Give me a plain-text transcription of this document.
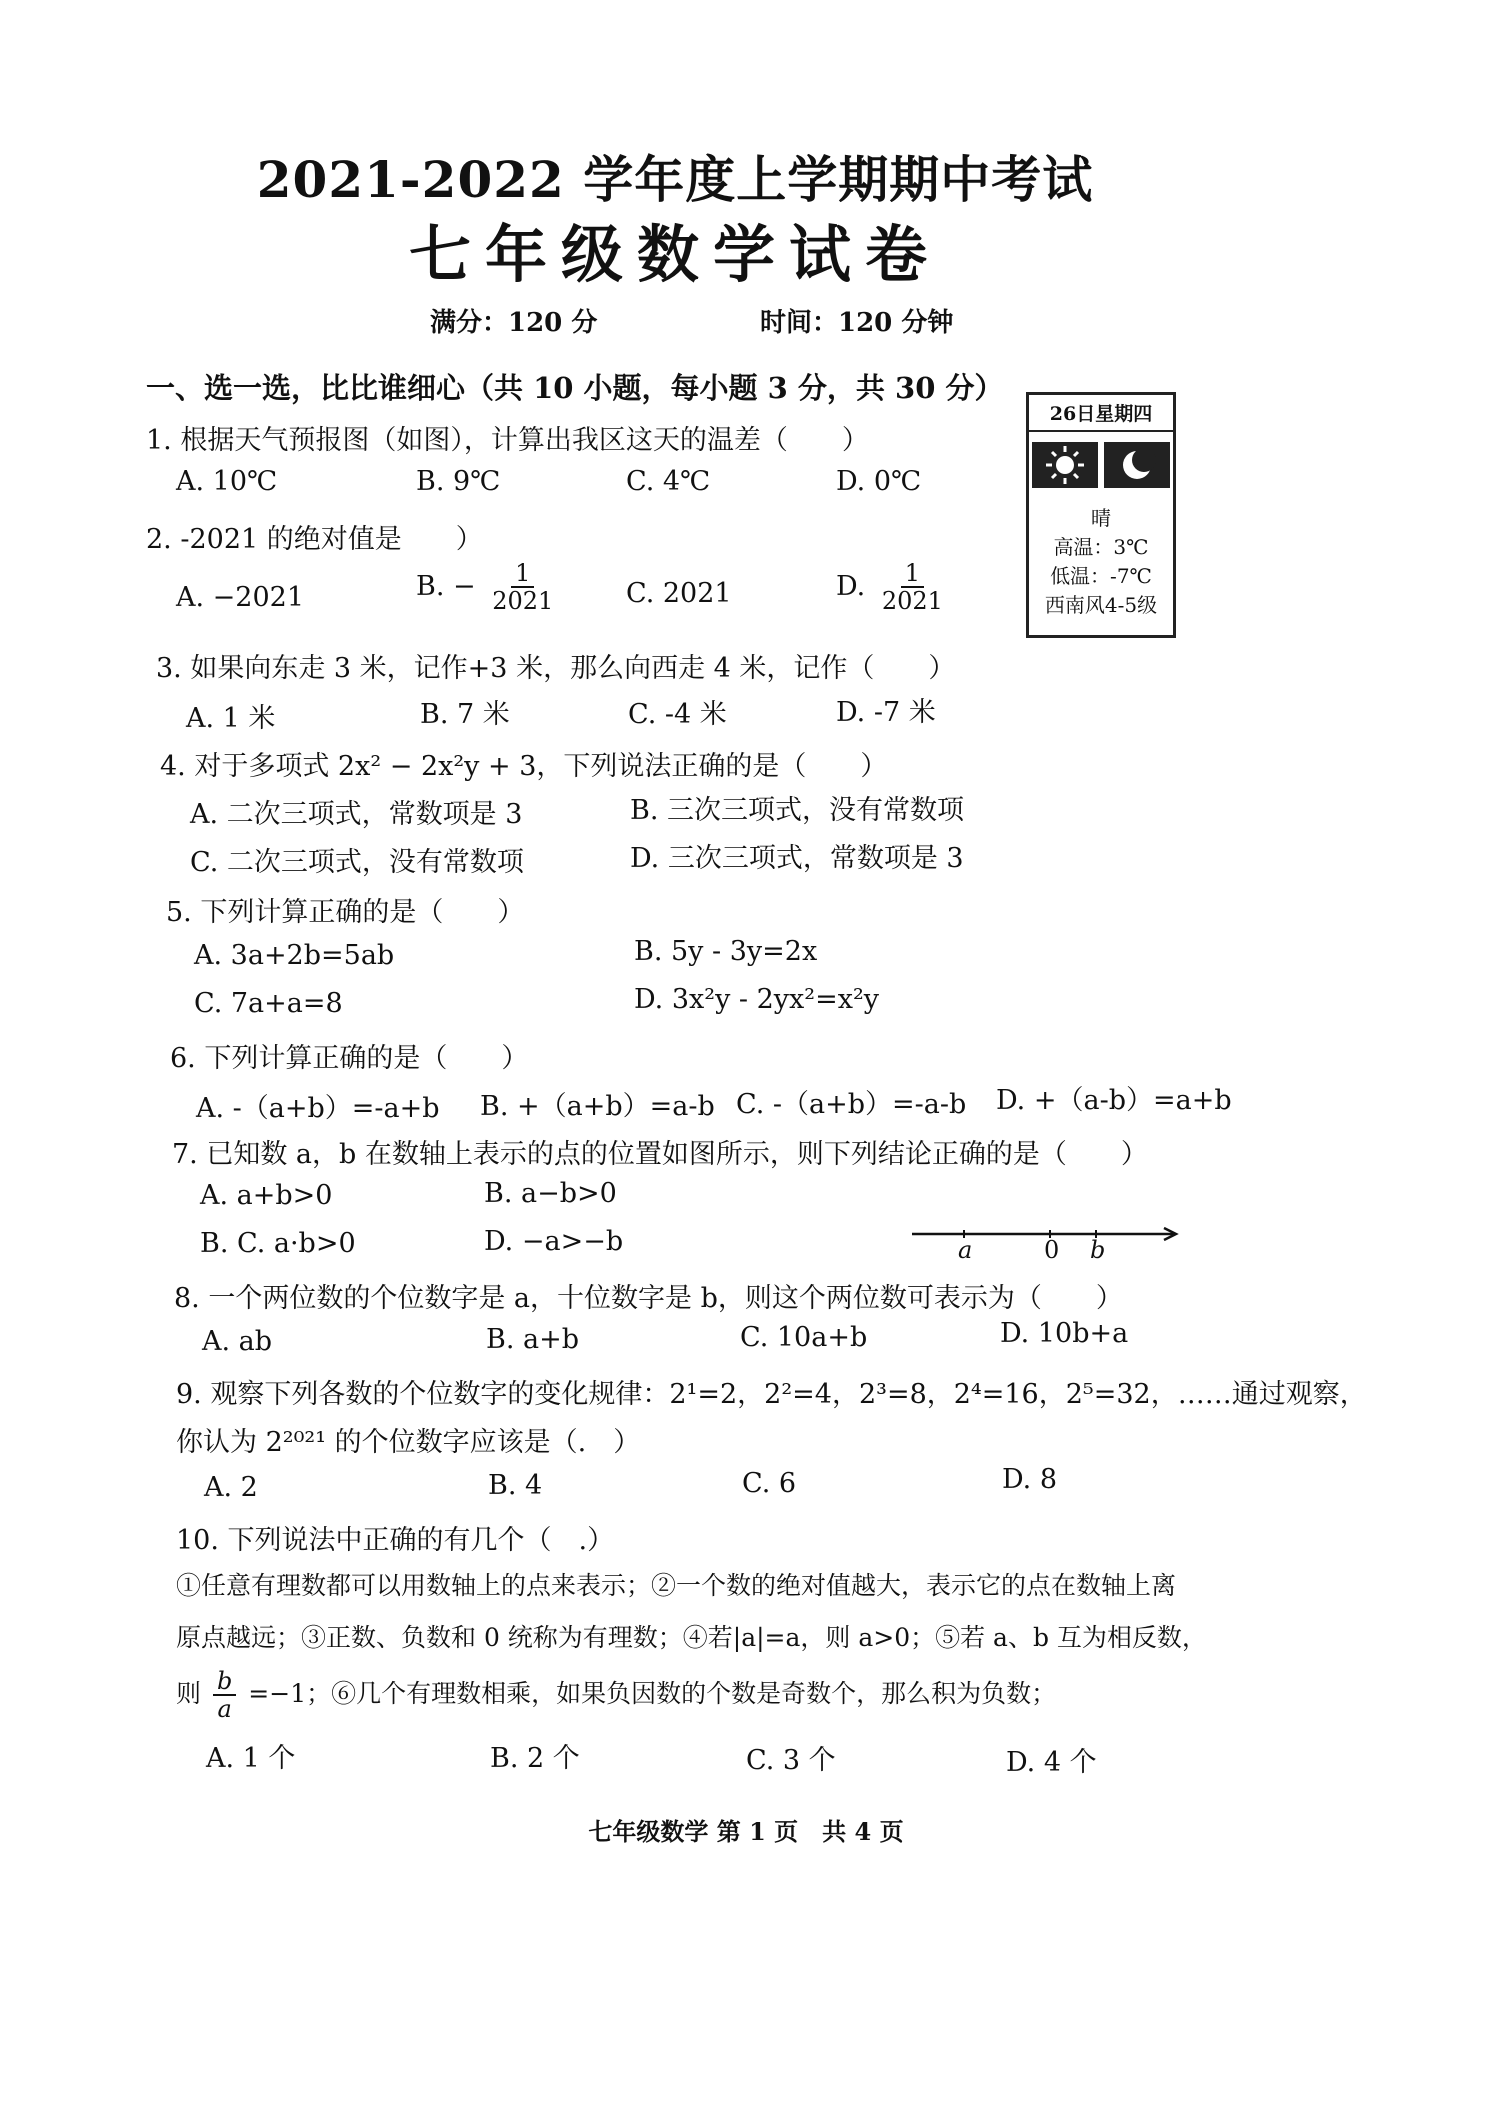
2021-2022 学年度上学期期中考试
七年级数学试卷
满分：120 分	时间：120 分钟
一、选一选，比比谁细心（共 10 小题，每小题 3 分，共 30 分）
26日星期四
晴
高温：3℃
低温：-7℃
西南风4-5级
1. 根据天气预报图（如图），计算出我区这天的温差（　　）
A. 10℃	B. 9℃	C. 4℃	D. 0℃
2. -2021 的绝对值是　　）
A. −2021	B. − $\frac{1}{2021}$	C. 2021	D. $\frac{1}{2021}$
3. 如果向东走 3 米，记作+3 米，那么向西走 4 米，记作（　　）
A. 1 米	B. 7 米	C. -4 米	D. -7 米
4. 对于多项式 2x² − 2x²y + 3，下列说法正确的是（　　）
A. 二次三项式，常数项是 3	B. 三次三项式，没有常数项
C. 二次三项式，没有常数项	D. 三次三项式，常数项是 3
5. 下列计算正确的是（　　）
A. 3a+2b=5ab	B. 5y - 3y=2x
C. 7a+a=8	D. 3x²y - 2yx²=x²y
6. 下列计算正确的是（　　）
A. -（a+b）=-a+b B. +（a+b）=a-b C. -（a+b）=-a-b D. +（a-b）=a+b
7. 已知数 a，b 在数轴上表示的点的位置如图所示，则下列结论正确的是（　　）
A. a+b>0	B. a−b>0
B. C. a·b>0	D. −a>−b	a	0 b
8. 一个两位数的个位数字是 a，十位数字是 b，则这个两位数可表示为（　　）
A. ab	B. a+b	C. 10a+b	D. 10b+a
9. 观察下列各数的个位数字的变化规律：2¹=2，2²=4，2³=8，2⁴=16，2⁵=32，……通过观察，
你认为 2²⁰²¹ 的个位数字应该是（.　）
A. 2	B. 4	C. 6	D. 8
10. 下列说法中正确的有几个（　.）
①任意有理数都可以用数轴上的点来表示；②一个数的绝对值越大，表示它的点在数轴上离
原点越远；③正数、负数和 0 统称为有理数；④若|a|=a，则 a>0；⑤若 a、b 互为相反数，
则 $\frac{b}{a} =-1$；⑥几个有理数相乘，如果负因数的个数是奇数个，那么积为负数；
A. 1 个	B. 2 个	C. 3 个	D. 4 个
七年级数学 第 1 页　共 4 页
